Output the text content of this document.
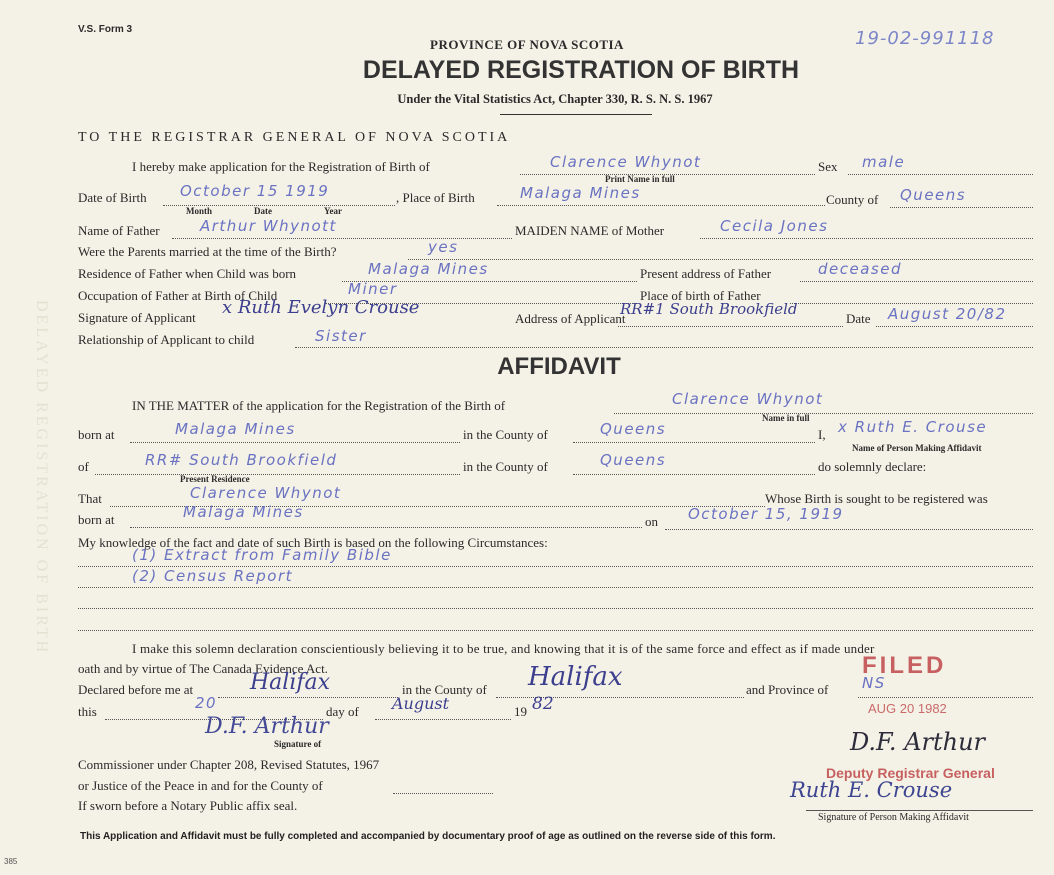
DELAYED REGISTRATION OF BIRTH
V.S. Form 3	19-02-991118
PROVINCE OF NOVA SCOTIA
DELAYED REGISTRATION OF BIRTH
Under the Vital Statistics Act, Chapter 330, R. S. N. S. 1967
TO THE REGISTRAR GENERAL OF NOVA SCOTIA
I hereby make application for the Registration of Birth of	Clarence Whynot
Print Name in full
Sex male
Date of Birth October 15 1919
Month	Date	Year
, Place of Birth	Malaga Mines	County of Queens
Name of Father	Arthur Whynott	MAIDEN NAME of Mother	Cecila Jones
Were the Parents married at the time of the Birth?	yes
Residence of Father when Child was born	Malaga Mines	Present address of Father	deceased
Occupation of Father at Birth of Child	Miner	Place of birth of Father
Signature of Applicant x Ruth Evelyn Crouse
Address of Applicant
RR#1 South Brookfield
Date August 20/82
Relationship of Applicant to child	Sister
AFFIDAVIT
IN THE MATTER of the application for the Registration of the Birth of	Clarence Whynot
Name in full
born at	Malaga Mines	in the County of	Queens	I, x Ruth E. Crouse
Name of Person Making Affidavit
of	RR# South Brookfield	in the County of	Queens	do solemnly declare:
Present Residence
That	Clarence Whynot	Whose Birth is sought to be registered was
born at	Malaga Mines
on October 15, 1919
My knowledge of the fact and date of such Birth is based on the following Circumstances:
(1) Extract from Family Bible
(2) Census Report
I make this solemn declaration conscientiously believing it to be true, and knowing that it is of the same force and effect as if made under
oath and by virtue of The Canada Evidence Act.
Declared before me at	Halifax	in the County of Halifax	and Province of NS
this	20	day of August	19 82
D.F. Arthur
Signature of
Commissioner under Chapter 208, Revised Statutes, 1967
or Justice of the Peace in and for the County of
If sworn before a Notary Public affix seal.
Ruth E. Crouse
Signature of Person Making Affidavit
FILED
AUG 20 1982
D.F. Arthur
Deputy Registrar General
This Application and Affidavit must be fully completed and accompanied by documentary proof of age as outlined on the reverse side of this form.
385
